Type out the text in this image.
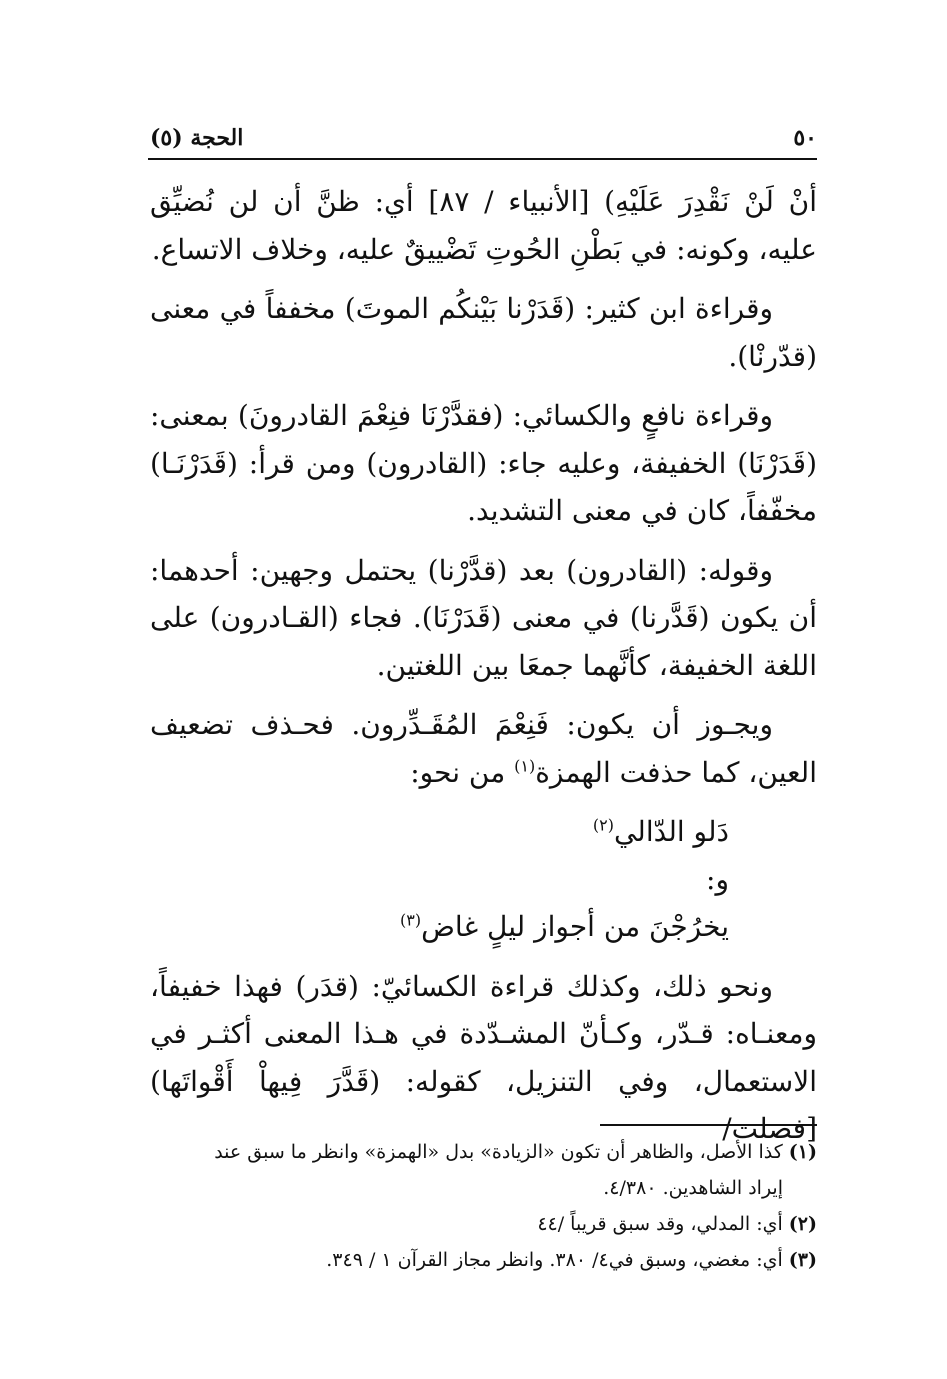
٥٠
الحجة (٥)

أنْ لَنْ نَقْدِرَ عَلَيْهِ) [الأنبياء / ٨٧] أي: ظنَّ أن لن نُضيِّق عليه، وكونه: في بَطْنِ الحُوتِ تَضْييقٌ عليه، وخلاف الاتساع.

وقراءة ابن كثير: (قَدَرْنا بَيْنكُم الموتَ) مخففاً في معنى (قدّرنْا).

وقراءة نافعٍ والكسائي: (فقدَّرْنَا فنِعْمَ القادرونَ) بمعنى: (قَدَرْنَا) الخفيفة، وعليه جاء: (القادرون) ومن قرأ: (قَدَرْنَـا) مخفّفاً، كان في معنى التشديد.

وقوله: (القادرون) بعد (قدَّرْنا) يحتمل وجهين: أحدهما: أن يكون (قَدَّرنا) في معنى (قَدَرْنَا). فجاء (القـادرون) على اللغة الخفيفة، كأنَّهما جمعَا بين اللغتين.

ويجـوز أن يكون: فَنِعْمَ المُقَـدِّرون. فحـذف تضعيف العين، كما حذفت الهمزة$^{(١)}$ من نحو:

دَلو الدّالي$^{(٢)}$

و:

يخرُجْنَ من أجواز ليلٍ غاض$^{(٣)}$

ونحو ذلك، وكذلك قراءة الكسائيّ: (قدَر) فهذا خفيفاً، ومعنـاه: قـدّر، وكـأنّ المشـدّدة في هـذا المعنى أكثـر في الاستعمال، وفي التنزيل، كقوله: (قَدَّرَ فِيهاْ أَقْواتَها) [فصلت/

(١)كذا الأصل، والظاهر أن تكون «الزيادة» بدل «الهمزة» وانظر ما سبق عند

إيراد الشاهدين. ٤/٣٨٠.

(٢)أي: المدلي، وقد سبق قريباً /٤٤

(٣)أي: مغضي، وسبق في٤/ ٣٨٠. وانظر مجاز القرآن ١ / ٣٤٩.
